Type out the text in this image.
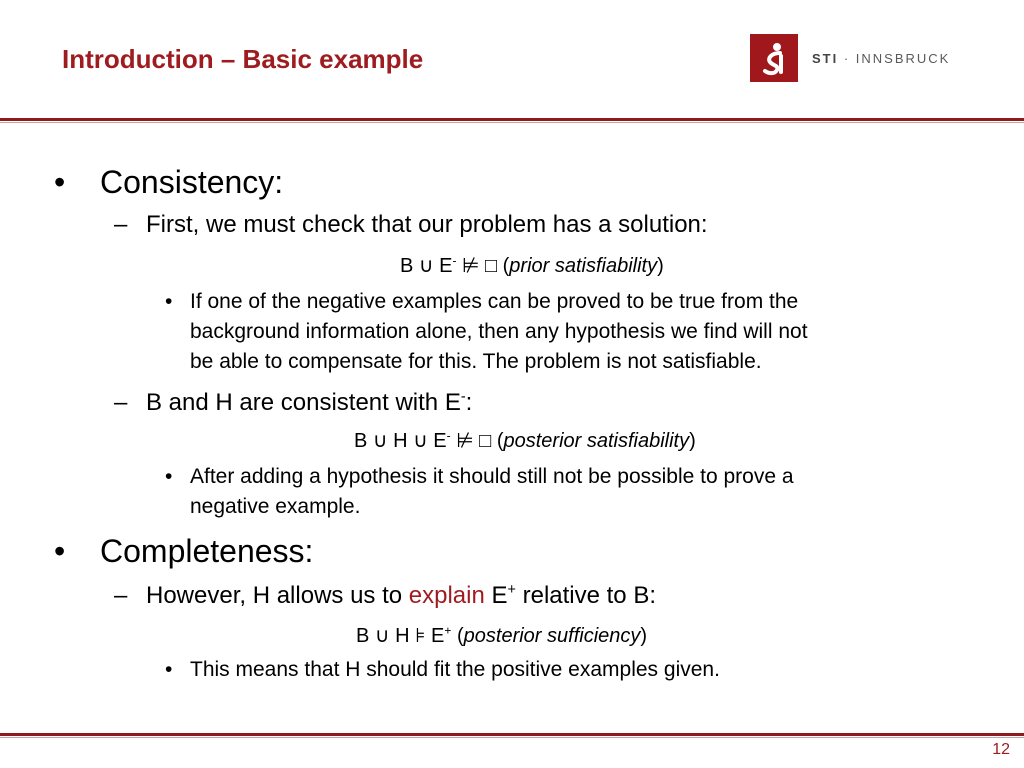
Introduction – Basic example	STI · INNSBRUCK
• Consistency:
– First, we must check that our problem has a solution:
B ∪ E- ⊭ □ (prior satisfiability)
• If one of the negative examples can be proved to be true from the
background information alone, then any hypothesis we find will not
be able to compensate for this. The problem is not satisfiable.
– B and H are consistent with E-:
B ∪ H ∪ E- ⊭ □ (posterior satisfiability)
• After adding a hypothesis it should still not be possible to prove a
negative example.
• Completeness:
– However, H allows us to explain E+ relative to B:
B ∪ H ⊧ E+ (posterior sufficiency)
• This means that H should fit the positive examples given.
12
